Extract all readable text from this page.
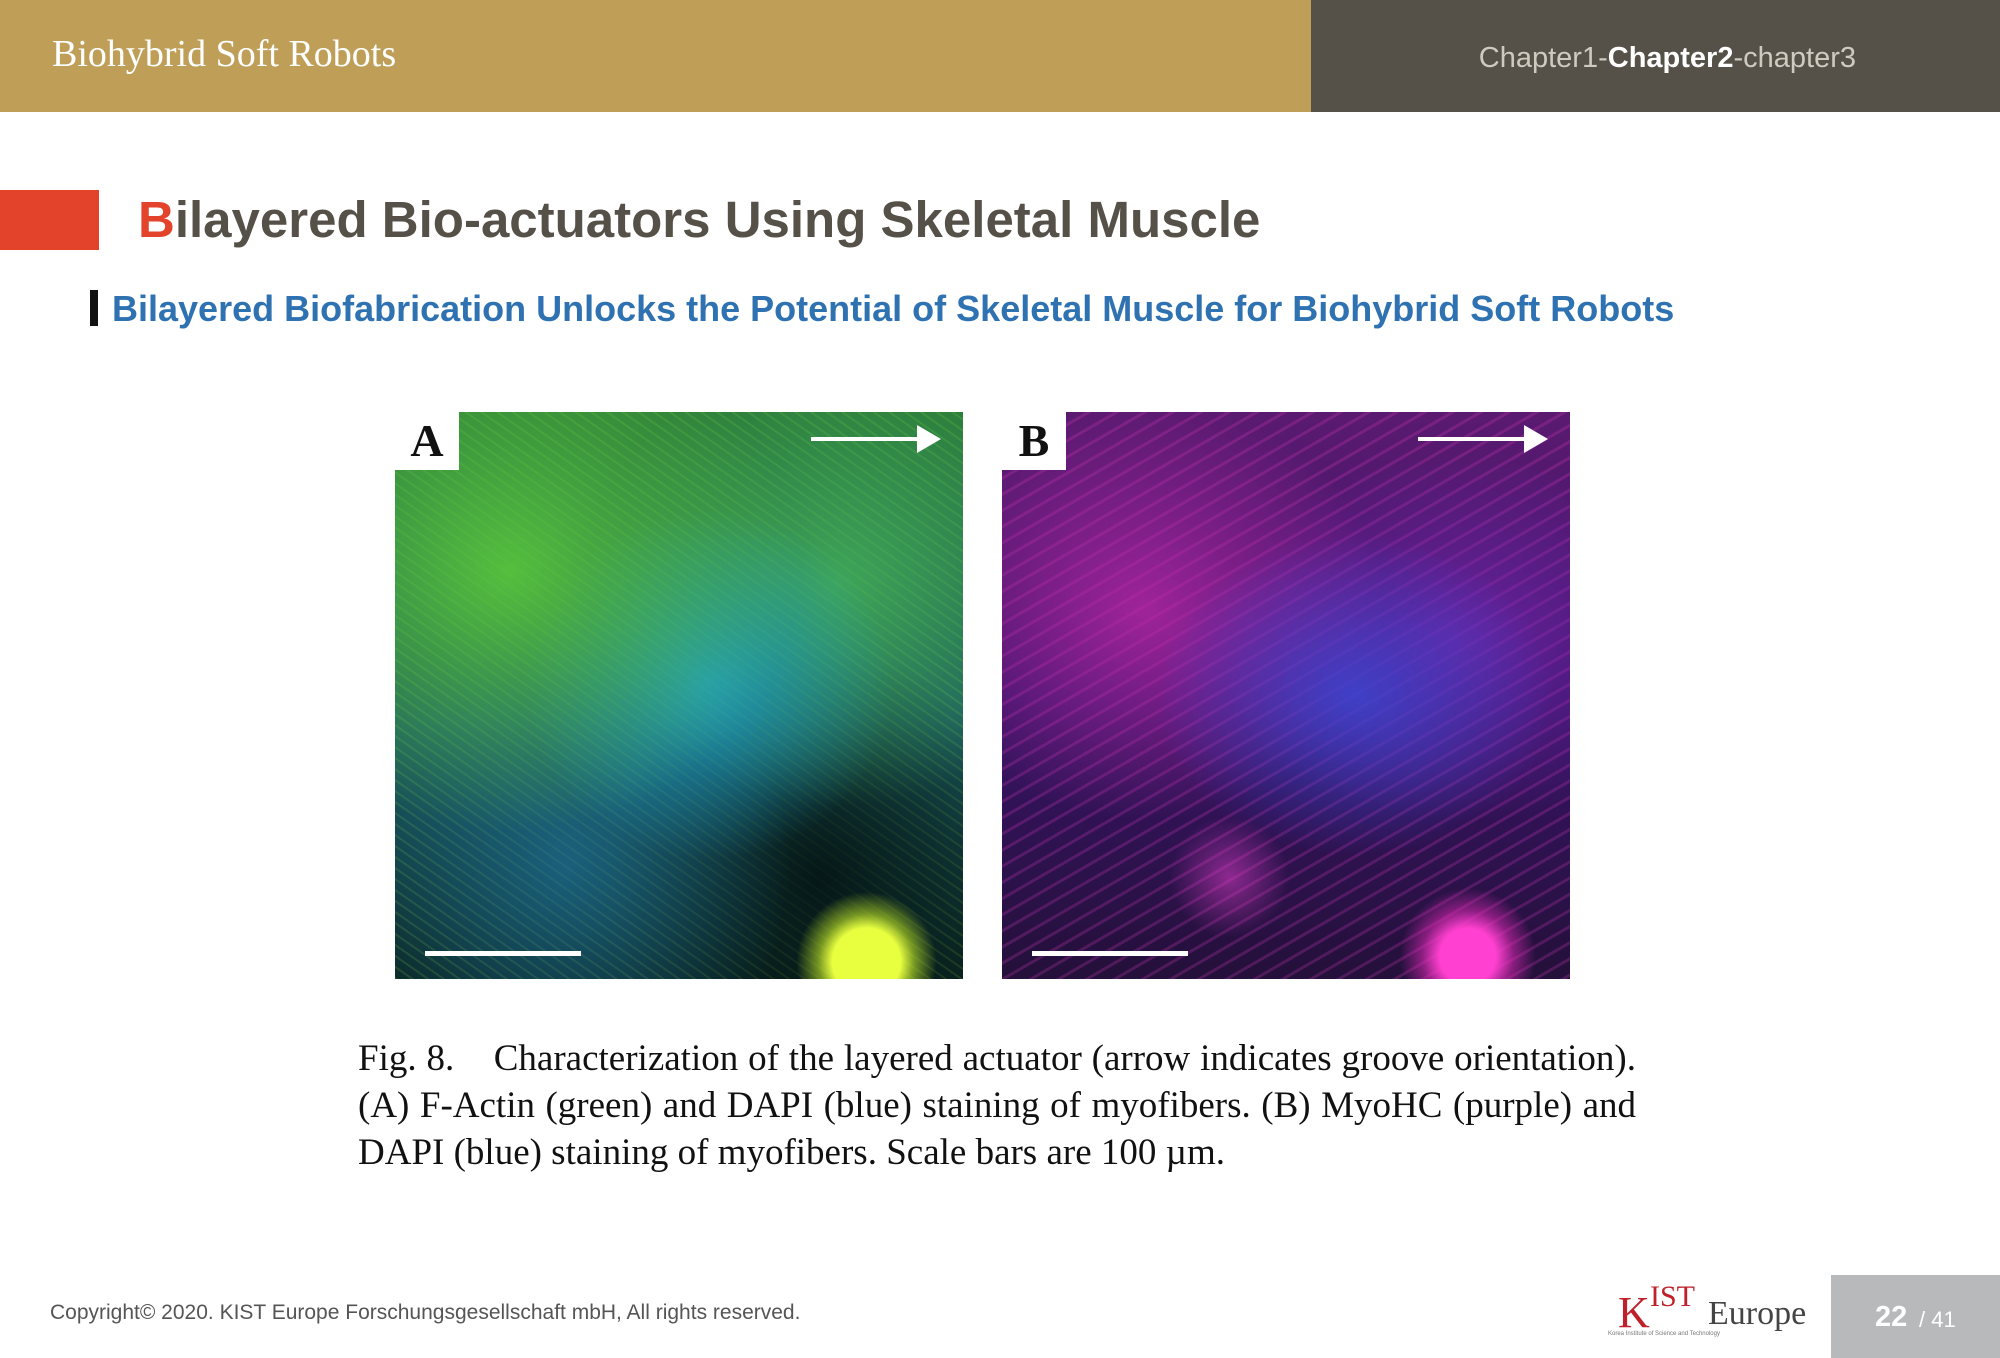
Biohybrid Soft Robots	Chapter1-Chapter2-chapter3
Bilayered Bio-actuators Using Skeletal Muscle
Bilayered Biofabrication Unlocks the Potential of Skeletal Muscle for Biohybrid Soft Robots
A	B
Fig. 8.    Characterization of the layered actuator (arrow indicates groove orientation). (A) F-Actin (green) and DAPI (blue) staining of myofibers. (B) MyoHC (purple) and DAPI (blue) staining of myofibers. Scale bars are 100 µm.
Copyright© 2020. KIST Europe Forschungsgesellschaft mbH, All rights reserved.	K IST Europe
Korea Institute of Science and Technology
22 / 41
